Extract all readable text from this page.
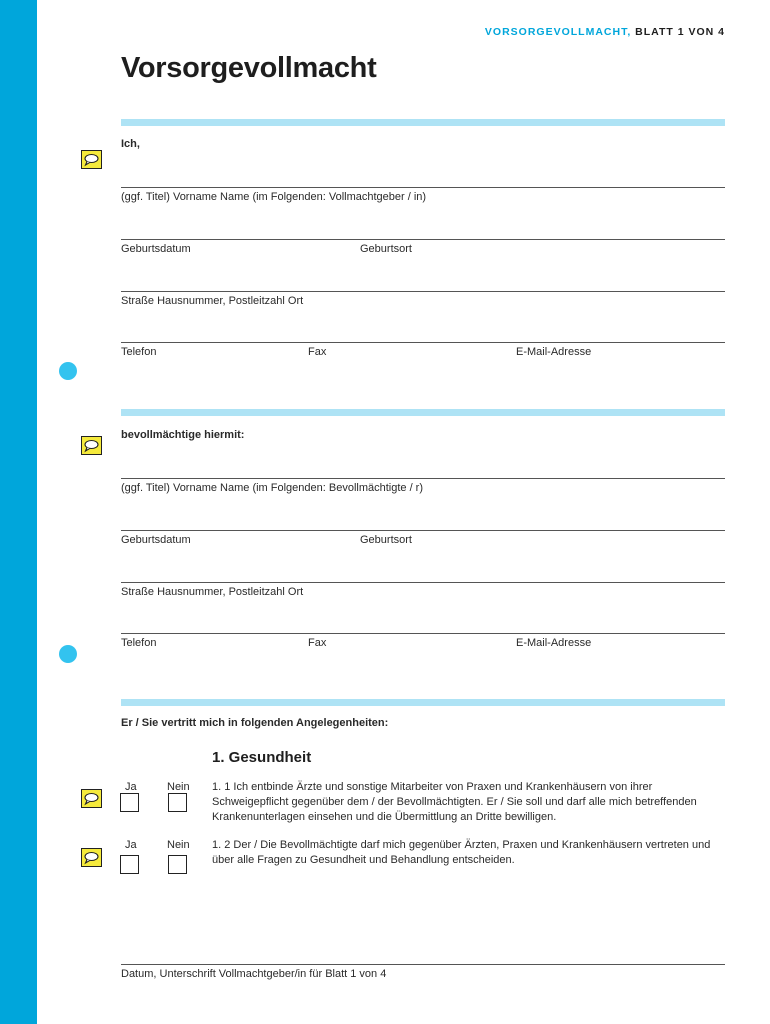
VORSORGEVOLLMACHT, BLATT 1 VON 4
Vorsorgevollmacht
Ich,
(ggf. Titel) Vorname Name (im Folgenden: Vollmachtgeber / in)
Geburtsdatum	Geburtsort
Straße Hausnummer, Postleitzahl Ort
Telefon	Fax	E-Mail-Adresse
bevollmächtige hiermit:
(ggf. Titel) Vorname Name (im Folgenden: Bevollmächtigte / r)
Geburtsdatum	Geburtsort
Straße Hausnummer, Postleitzahl Ort
Telefon	Fax	E-Mail-Adresse
Er / Sie vertritt mich in folgenden Angelegenheiten:
1. Gesundheit
Ja	Nein 1. 1 Ich entbinde Ärzte und sonstige Mitarbeiter von Praxen und Krankenhäusern von ihrer Schweigepflicht gegenüber dem / der Bevollmächtigten. Er / Sie soll und darf alle mich betreffenden Krankenunterlagen einsehen und die Übermittlung an Dritte bewilligen.
Ja	Nein 1. 2 Der / Die Bevollmächtigte darf mich gegenüber Ärzten, Praxen und Krankenhäusern vertreten und über alle Fragen zu Gesundheit und Behandlung entscheiden.
Datum, Unterschrift Vollmachtgeber/in für Blatt 1 von 4
